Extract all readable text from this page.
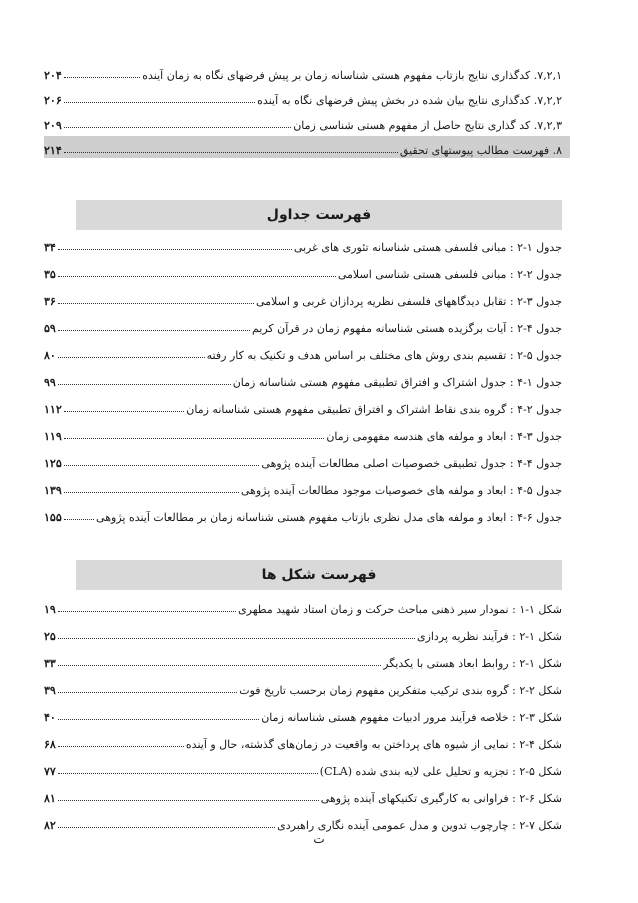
۷,۲,۱. کدگذاری نتایج بازتاب مفهوم هستی شناسانه زمان بر پیش فرضهای نگاه به زمان آینده
۲۰۴
۷,۲,۲. کدگذاری نتایج بیان شده در بخش پیش فرضهای نگاه به آینده
۲۰۶
۷,۲,۳. کد گذاری نتایج حاصل از مفهوم هستی شناسی زمان
۲۰۹
۸. فهرست مطالب پیوستهای تحقیق
۲۱۴
فهرست جداول
جدول ۱-۲ : مبانی فلسفی هستی شناسانه تئوری های غربی
۳۴
جدول ۲-۲ : مبانی فلسفی هستی شناسی اسلامی
۳۵
جدول ۳-۲ : تقابل دیدگاههای فلسفی نظریه پردازان غربی و اسلامی
۳۶
جدول ۴-۲ : آیات برگزیده هستی شناسانه مفهوم زمان در قرآن کریم
۵۹
جدول ۵-۲ : تقسیم بندی روش های مختلف بر اساس هدف و تکنیک به کار رفته
۸۰
جدول ۱-۴ : جدول اشتراک و افتراق تطبیقی مفهوم هستی شناسانه زمان
۹۹
جدول ۲-۴ : گروه بندی نقاط اشتراک و افتراق تطبیقی مفهوم هستی شناسانه زمان
۱۱۲
جدول ۳-۴ : ابعاد و مولفه های هندسه مفهومی زمان
۱۱۹
جدول ۴-۴ : جدول تطبیقی خصوصیات اصلی مطالعات آینده پژوهی
۱۲۵
جدول ۵-۴ : ابعاد و مولفه های خصوصیات موجود مطالعات آینده پژوهی
۱۳۹
جدول ۶-۴ : ابعاد و مولفه های مدل نظری بازتاب مفهوم هستی شناسانه زمان بر مطالعات آینده پژوهی
۱۵۵
فهرست شکل ها
شکل ۱-۱ : نمودار سیر ذهنی مباحث حرکت و زمان استاد شهید مطهری
۱۹
شکل ۱-۲ : فرآیند نظریه پردازی
۲۵
شکل ۱-۲ : روابط ابعاد هستی با یکدیگر
۳۳
شکل ۲-۲ : گروه بندی ترکیب متفکرین مفهوم زمان برحسب تاریخ فوت
۳۹
شکل ۳-۲ : خلاصه فرآیند مرور ادبیات مفهوم هستی شناسانه زمان
۴۰
شکل ۴-۲ : نمایی از شیوه های پرداختن به واقعیت در زمان‌های گذشته، حال و آینده
۶۸
شکل ۵-۲ : تجزیه و تحلیل علی لایه بندی شده (CLA)
۷۷
شکل ۶-۲ : فراوانی به کارگیری تکنیکهای آینده پژوهی
۸۱
شکل ۷-۲ : چارچوب تدوین و مدل عمومی آینده نگاری راهبردی
۸۲
ت
